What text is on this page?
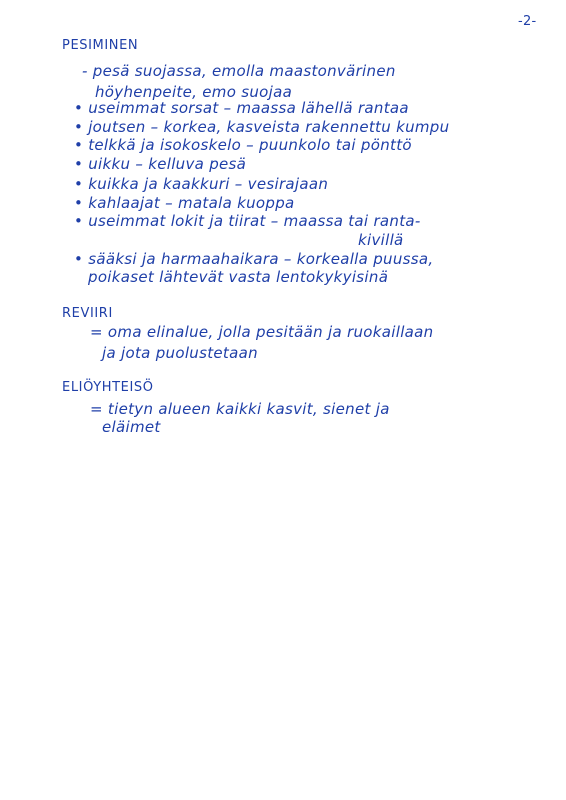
-2-
PESIMINEN
- pesä suojassa, emolla maastonvärinen
höyhenpeite, emo suojaa
• useimmat sorsat – maassa lähellä rantaa
• joutsen – korkea, kasveista rakennettu kumpu
• telkkä ja isokoskelo – puunkolo tai pönttö
• uikku – kelluva pesä
• kuikka ja kaakkuri – vesirajaan
• kahlaajat – matala kuoppa
• useimmat lokit ja tiirat – maassa tai ranta-
kivillä
• sääksi ja harmaahaikara – korkealla puussa,
poikaset lähtevät vasta lentokykyisinä
REVIIRI
= oma elinalue, jolla pesitään ja ruokaillaan
ja jota puolustetaan
ELIÖYHTEISÖ
= tietyn alueen kaikki kasvit, sienet ja
eläimet
